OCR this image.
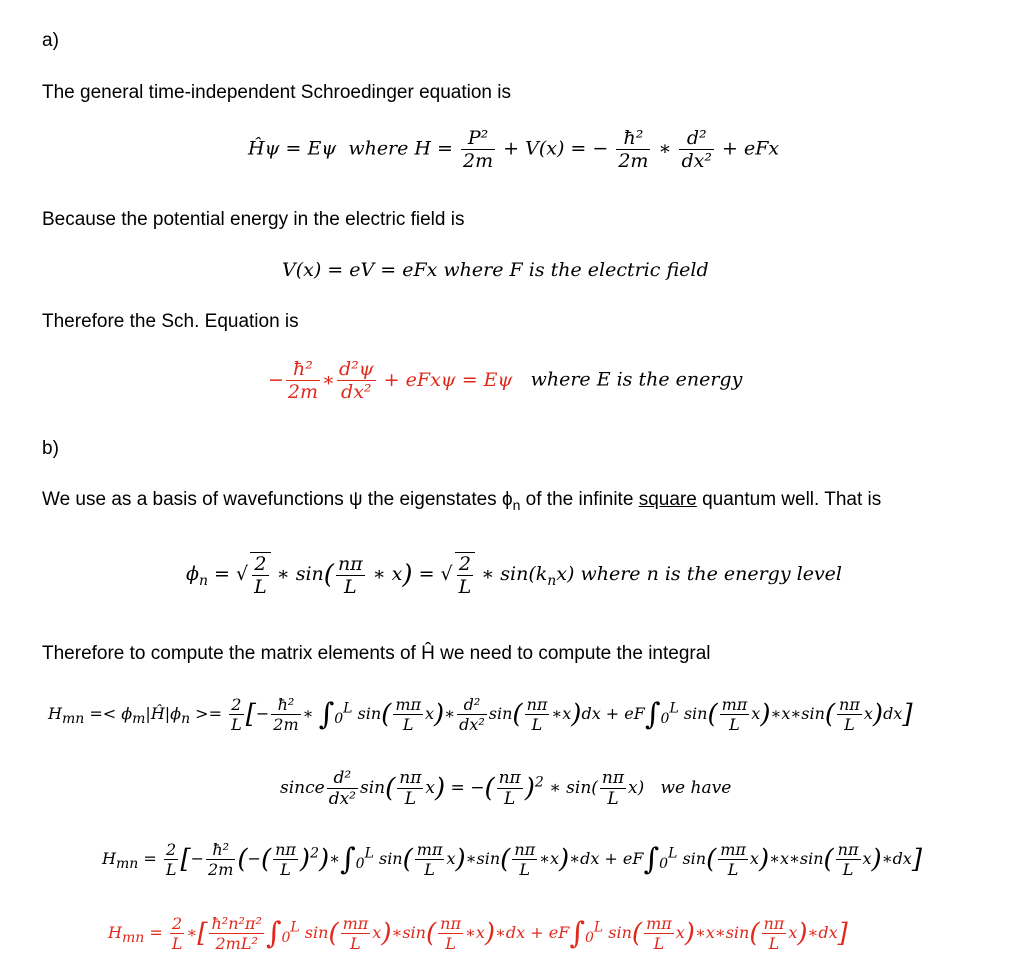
a)
The general time-independent Schroedinger equation is
Ĥψ = Eψ  where $H = \frac{\text{P²}}{2m} + V(x)$ = − $\frac{\text{ħ²}}{2m}$ ∗ $\frac{\text{d²}}{\text{dx²}}$ + eFx
Because the potential energy in the electric field is
V(x) = eV = eFx where F is the electric field
Therefore the Sch. Equation is
− $\frac{\text{ħ²}}{2m}$ ∗ $\frac{\text{d²ψ}}{\text{dx²}} + eFx\psi = E\psi$ where E is the energy
b)
We use as a basis of wavefunctions ψ the eigenstates $\phi_n$ of the infinite square quantum well. That is
$\phi_n$ = √ $\frac{2}{L}$ ∗ $\sin( \frac{n\pi}{L}$ ∗ x) = √ $\frac{2}{L}$ ∗ $\sin(k_nx)$ where n is the energy level
Therefore to compute the matrix elements of Ĥ we need to compute the integral
$H_{mn}$ =< $\phi_m|Ĥ|\phi_n >= \frac{2}{L}$ [− $\frac{\text{ħ²}}{2m}$ ∗ $\int_0^L$ $\sin( \frac{m\pi}{L}$ x)∗ $\frac{\text{d²}}{\text{dx²}} \sin( \frac{n\pi}{L}$ ∗x)dx + $eF\int_0^L$ $\sin( \frac{m\pi}{L}$ x)∗x∗sin( $\frac{n\pi}{L} x)dx$]
since $\frac{\text{d²}}{\text{dx²}} \sin( \frac{n\pi}{L} x)$ = −( $\frac{n\pi}{L} )^2$ ∗ $\sin( \frac{n\pi}{L} x)$   we have
$H_{mn} = \frac{2}{L}$ [− $\frac{\text{ħ²}}{2m}$ (−( $\frac{n\pi}{L}$ )$^2)∗\int_0^L$ $\sin( \frac{m\pi}{L}$ x)∗sin( $\frac{n\pi}{L}$ ∗x)∗dx + $eF\int_0^L$ $\sin( \frac{m\pi}{L}$ x)∗x∗sin( $\frac{n\pi}{L}$ x)∗dx]
$H_{mn} = \frac{2}{L}$ ∗[ $\frac{\text{ħ²n²π²}}{\text{2mL²}} \int_0^L$ $\sin( \frac{m\pi}{L}$ x)∗sin( $\frac{n\pi}{L}$ ∗x)∗dx + $eF\int_0^L$ $\sin( \frac{m\pi}{L}$ x)∗x∗sin( $\frac{n\pi}{L}$ x)∗dx]
